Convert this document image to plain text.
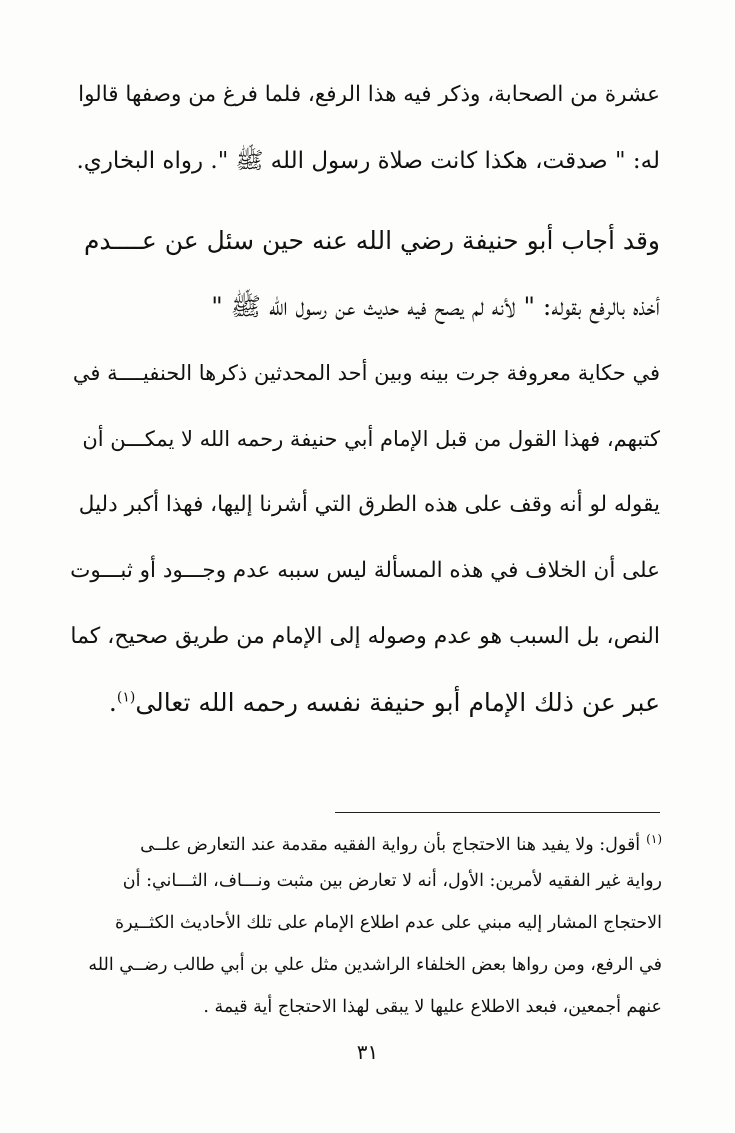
عشرة من الصحابة، وذكر فيه هذا الرفع، فلما فرغ من وصفها قالوا
له: " صدقت، هكذا كانت صلاة رسول الله ﷺ ". رواه البخاري.
وقد أجاب أبو حنيفة رضي الله عنه حين سئل عن عــــدم
أخذه بالرفع بقوله: " لأنه لم يصح فيه حديث عن رسول الله ﷺ "
في حكاية معروفة جرت بينه وبين أحد المحدثين ذكرها الحنفيــــة في
كتبهم، فهذا القول من قبل الإمام أبي حنيفة رحمه الله لا يمكـــن أن
يقوله لو أنه وقف على هذه الطرق التي أشرنا إليها، فهذا أكبر دليل
على أن الخلاف في هذه المسألة ليس سببه عدم وجـــود أو ثبـــوت
النص، بل السبب هو عدم وصوله إلى الإمام من طريق صحيح، كما
عبر عن ذلك الإمام أبو حنيفة نفسه رحمه الله تعالى$^{(١)}$.
$^{(١)}$أقول: ولا يفيد هنا الاحتجاج بأن رواية الفقيه مقدمة عند التعارض علــى
رواية غير الفقيه لأمرين: الأول، أنه لا تعارض بين مثبت ونـــاف، الثـــاني: أن
الاحتجاج المشار إليه مبني على عدم اطلاع الإمام على تلك الأحاديث الكثــيرة
في الرفع، ومن رواها بعض الخلفاء الراشدين مثل علي بن أبي طالب رضــي الله
عنهم أجمعين، فبعد الاطلاع عليها لا يبقى لهذا الاحتجاج أية قيمة .
٣١
